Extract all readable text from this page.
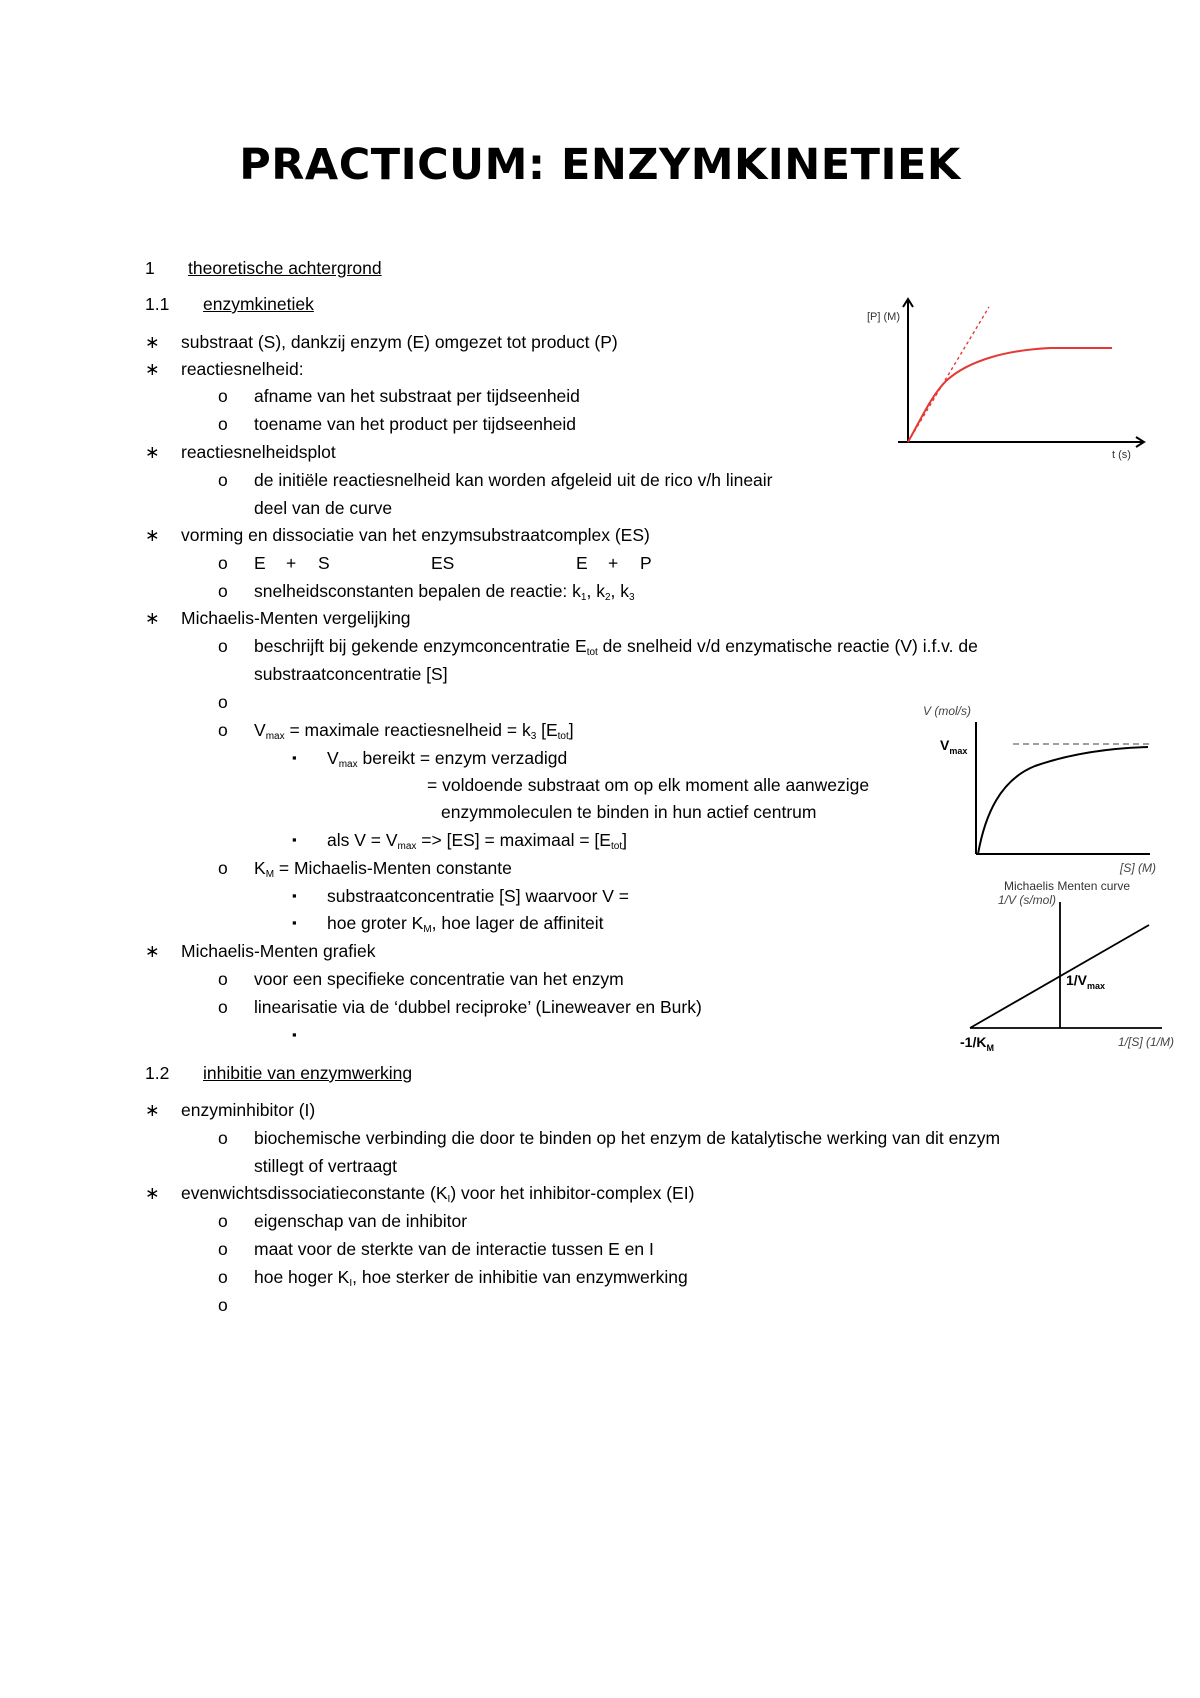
PRACTICUM: ENZYMKINETIEK
1 theoretische achtergrond
1.1 enzymkinetiek
∗ substraat (S), dankzij enzym (E) omgezet tot product (P)
∗ reactiesnelheid:
o afname van het substraat per tijdseenheid
o toename van het product per tijdseenheid
∗ reactiesnelheidsplot
o de initiële reactiesnelheid kan worden afgeleid uit de rico v/h lineair
deel van de curve
∗ vorming en dissociatie van het enzymsubstraatcomplex (ES)
o E + S	ES	E + P
o snelheidsconstanten bepalen de reactie: $k_1$, $k_2$, $k_3$
∗ Michaelis-Menten vergelijking
o beschrijft bij gekende enzymconcentratie $E_{tot}$ de snelheid v/d enzymatische reactie (V) i.f.v. de
substraatconcentratie [S]
o
o $V_{max}$ = maximale reactiesnelheid = $k_3$ $[E_{tot}]$
▪ $V_{max}$ bereikt = enzym verzadigd
= voldoende substraat om op elk moment alle aanwezige
enzymmoleculen te binden in hun actief centrum
▪ als $V = V_{max} => [ES]$ = maximaal = $[E_{tot}]$
o $K_M$ = Michaelis-Menten constante
▪ substraatconcentratie [S] waarvoor V =
▪ hoe groter $K_M$, hoe lager de affiniteit
∗ Michaelis-Menten grafiek
o voor een specifieke concentratie van het enzym
o linearisatie via de ‘dubbel reciproke’ (Lineweaver en Burk)
▪
1.2 inhibitie van enzymwerking
∗ enzyminhibitor (I)
o biochemische verbinding die door te binden op het enzym de katalytische werking van dit enzym
stillegt of vertraagt
∗ evenwichtsdissociatieconstante $(K_I)$ voor het inhibitor-complex (EI)
o eigenschap van de inhibitor
o maat voor de sterkte van de interactie tussen E en I
o hoe hoger $K_I$, hoe sterker de inhibitie van enzymwerking
o
[P] (M)
t (s)
V (mol/s)
$V_{max}$
[S] (M)
Michaelis Menten curve
1/V (s/mol)
$1/V_{max}$
$-1/K_M$	1/[S] (1/M)
